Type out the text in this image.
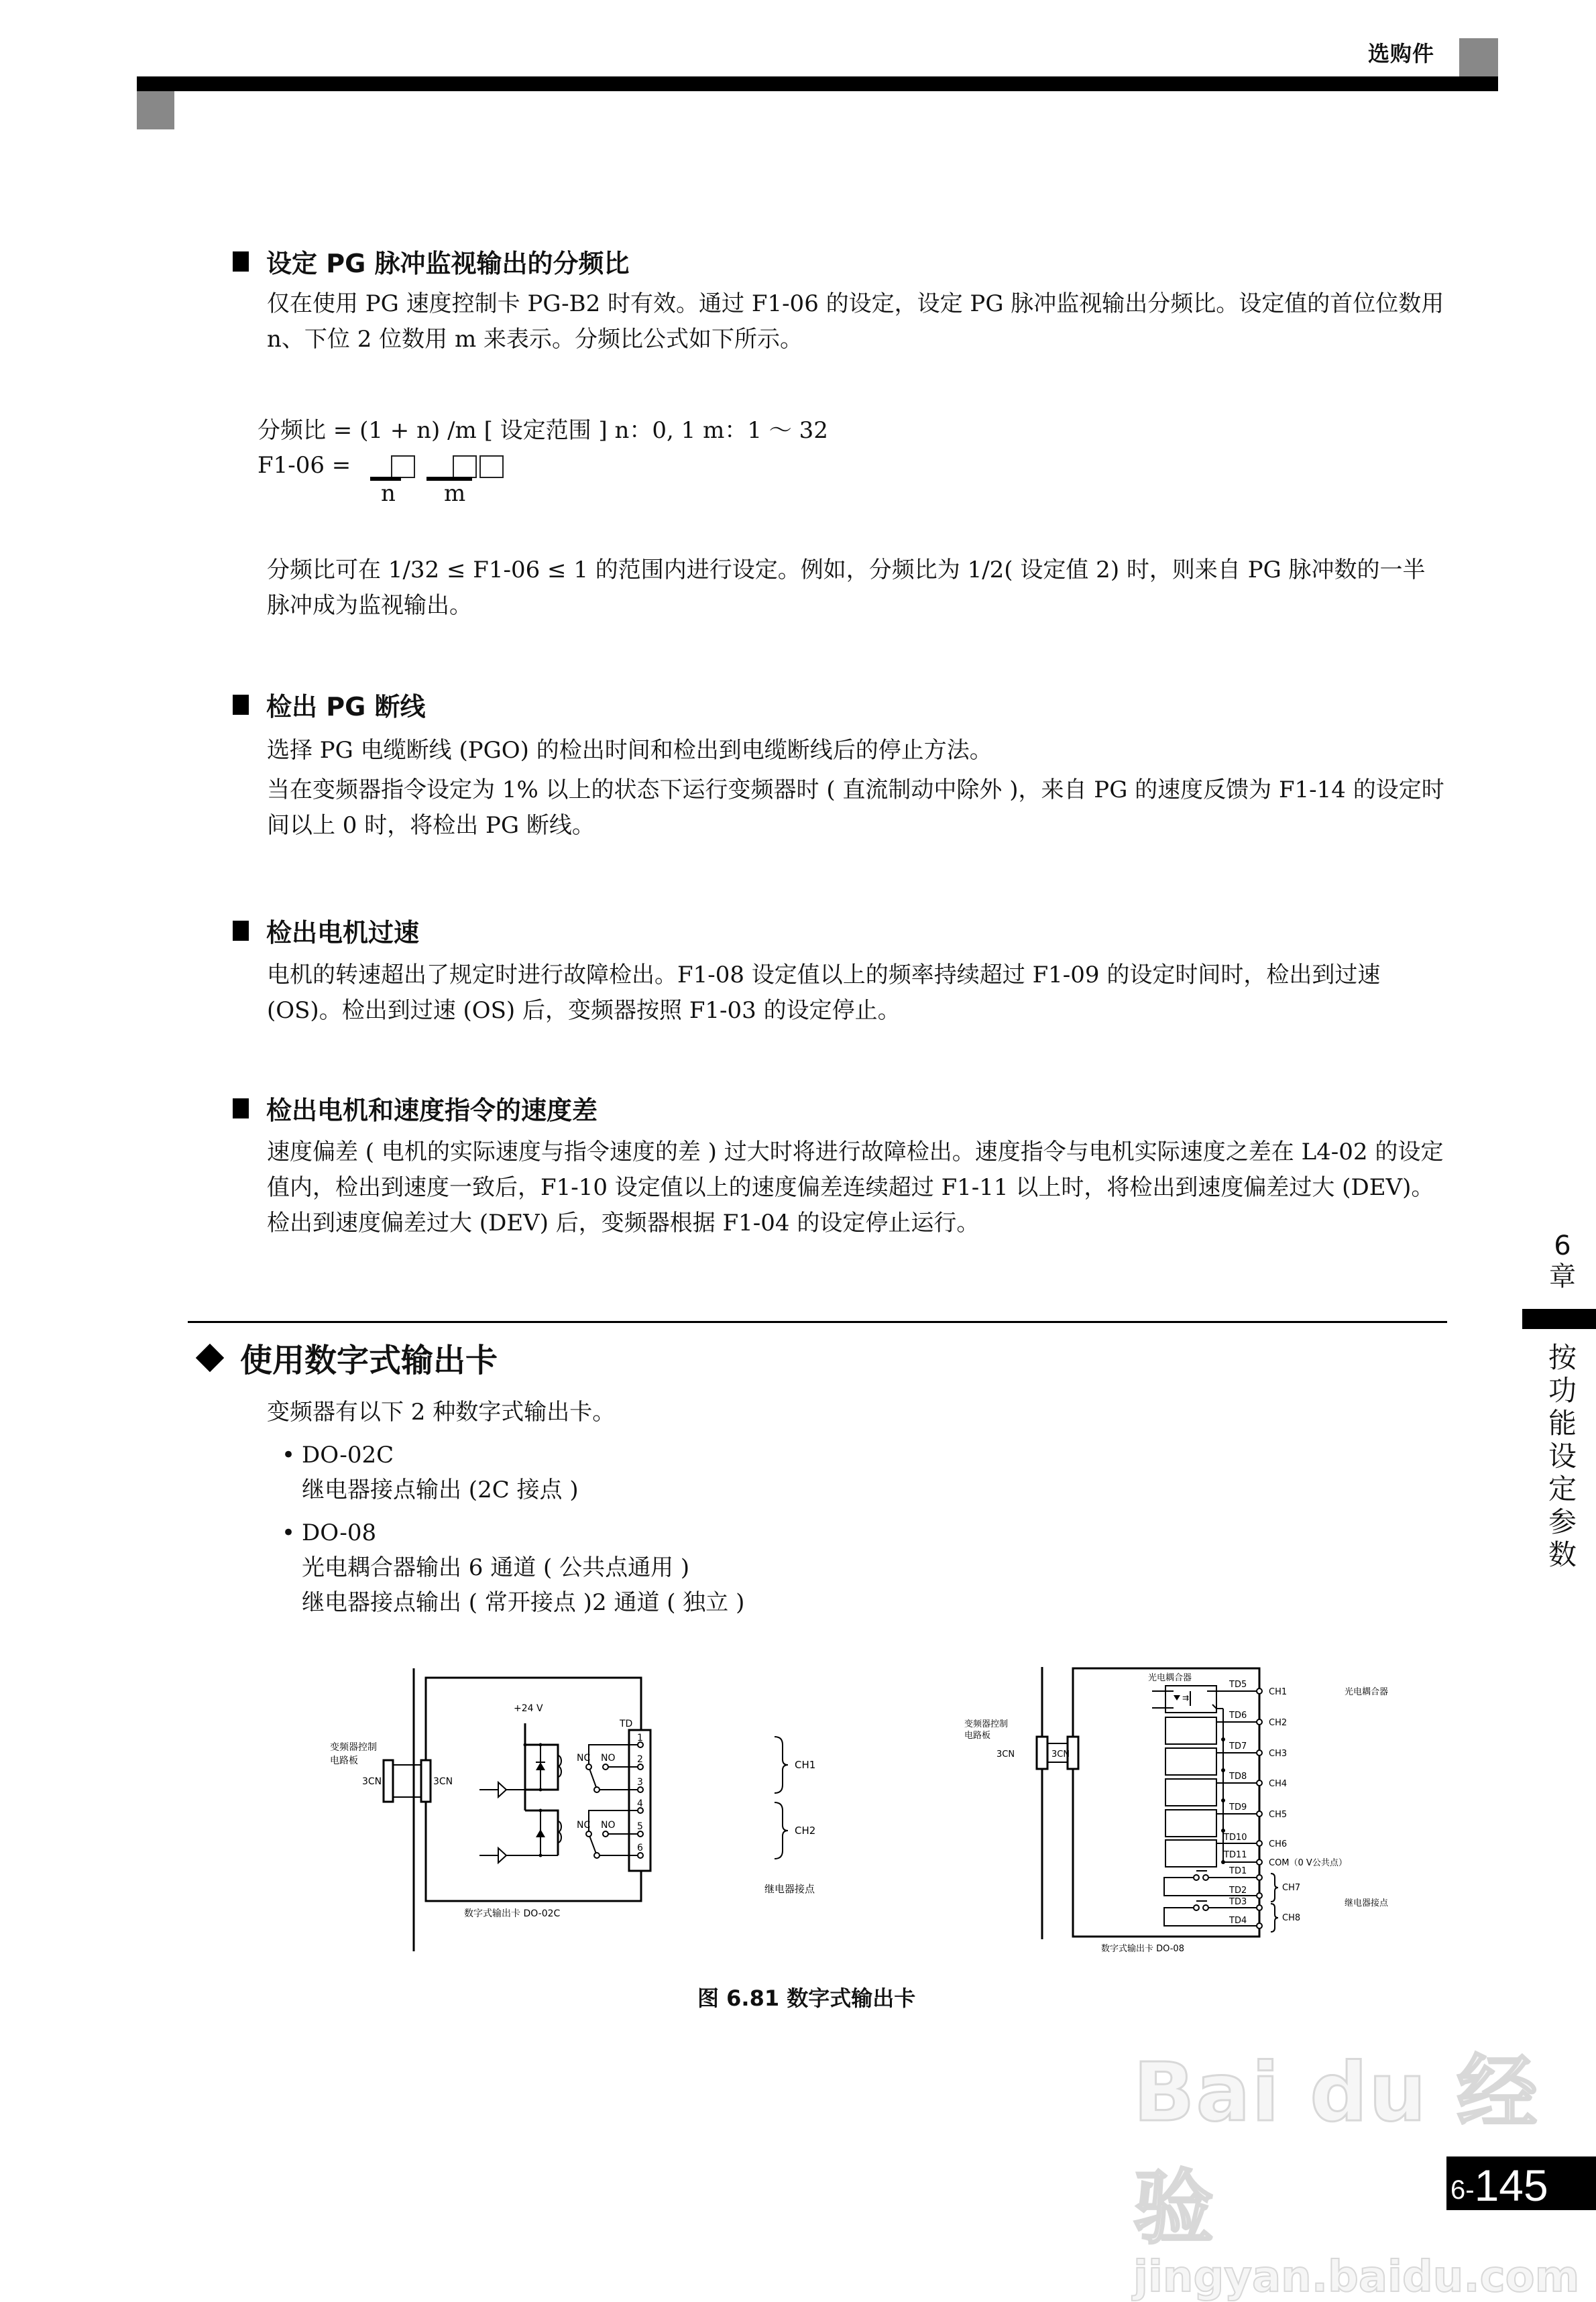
选购件
设定 PG 脉冲监视输出的分频比

仅在使用 PG 速度控制卡 PG-B2 时有效。通过 F1-06 的设定，设定 PG 脉冲监视输出分频比。设定值的首位位数用 n、下位 2 位数用 m 来表示。分频比公式如下所示。

分频比 = (1 + n) /m [ 设定范围 ] n：0, 1 m：1 ～ 32
F1-06 =
n m

分频比可在 1/32 ≤ F1-06 ≤ 1 的范围内进行设定。例如，分频比为 1/2( 设定值 2) 时，则来自 PG 脉冲数的一半脉冲成为监视输出。

检出 PG 断线

选择 PG 电缆断线 (PGO) 的检出时间和检出到电缆断线后的停止方法。

当在变频器指令设定为 1% 以上的状态下运行变频器时 ( 直流制动中除外 )，来自 PG 的速度反馈为 F1-14 的设定时间以上 0 时，将检出 PG 断线。

检出电机过速

电机的转速超出了规定时进行故障检出。F1-08 设定值以上的频率持续超过 F1-09 的设定时间时，检出到过速 (OS)。检出到过速 (OS) 后，变频器按照 F1-03 的设定停止。

检出电机和速度指令的速度差

速度偏差 ( 电机的实际速度与指令速度的差 ) 过大时将进行故障检出。速度指令与电机实际速度之差在 L4-02 的设定值内，检出到速度一致后，F1-10 设定值以上的速度偏差连续超过 F1-11 以上时，将检出到速度偏差过大 (DEV)。检出到速度偏差过大 (DEV) 后，变频器根据 F1-04 的设定停止运行。

使用数字式输出卡
变频器有以下 2 种数字式输出卡。
• DO-02C
继电器接点输出 (2C 接点 )
• DO-08
光电耦合器输出 6 通道 ( 公共点通用 )
继电器接点输出 ( 常开接点 )2 通道 ( 独立 )
6
章
按
功
能
设
定
参
数
变频器控制
电路板
3CN	3CN
+24 V
TD
NC NO
NC NO
1
2
3
4
5
6
数字式输出卡 DO-02C
CH1
CH2
继电器接点
⇉
变频器控制
电路板
3CN	3CN
光电耦合器
TD5
TD6
TD7
TD8
TD9
TD10
TD11
CH1
CH2
CH3
CH4
CH5
CH6
COM（0 V公共点）
光电耦合器
TD1
TD2
TD3
TD4
CH7
CH8
继电器接点
数字式输出卡 DO-08
图 6.81 数字式输出卡
Bai du 经验
jingyan.baidu.com
6- 145
